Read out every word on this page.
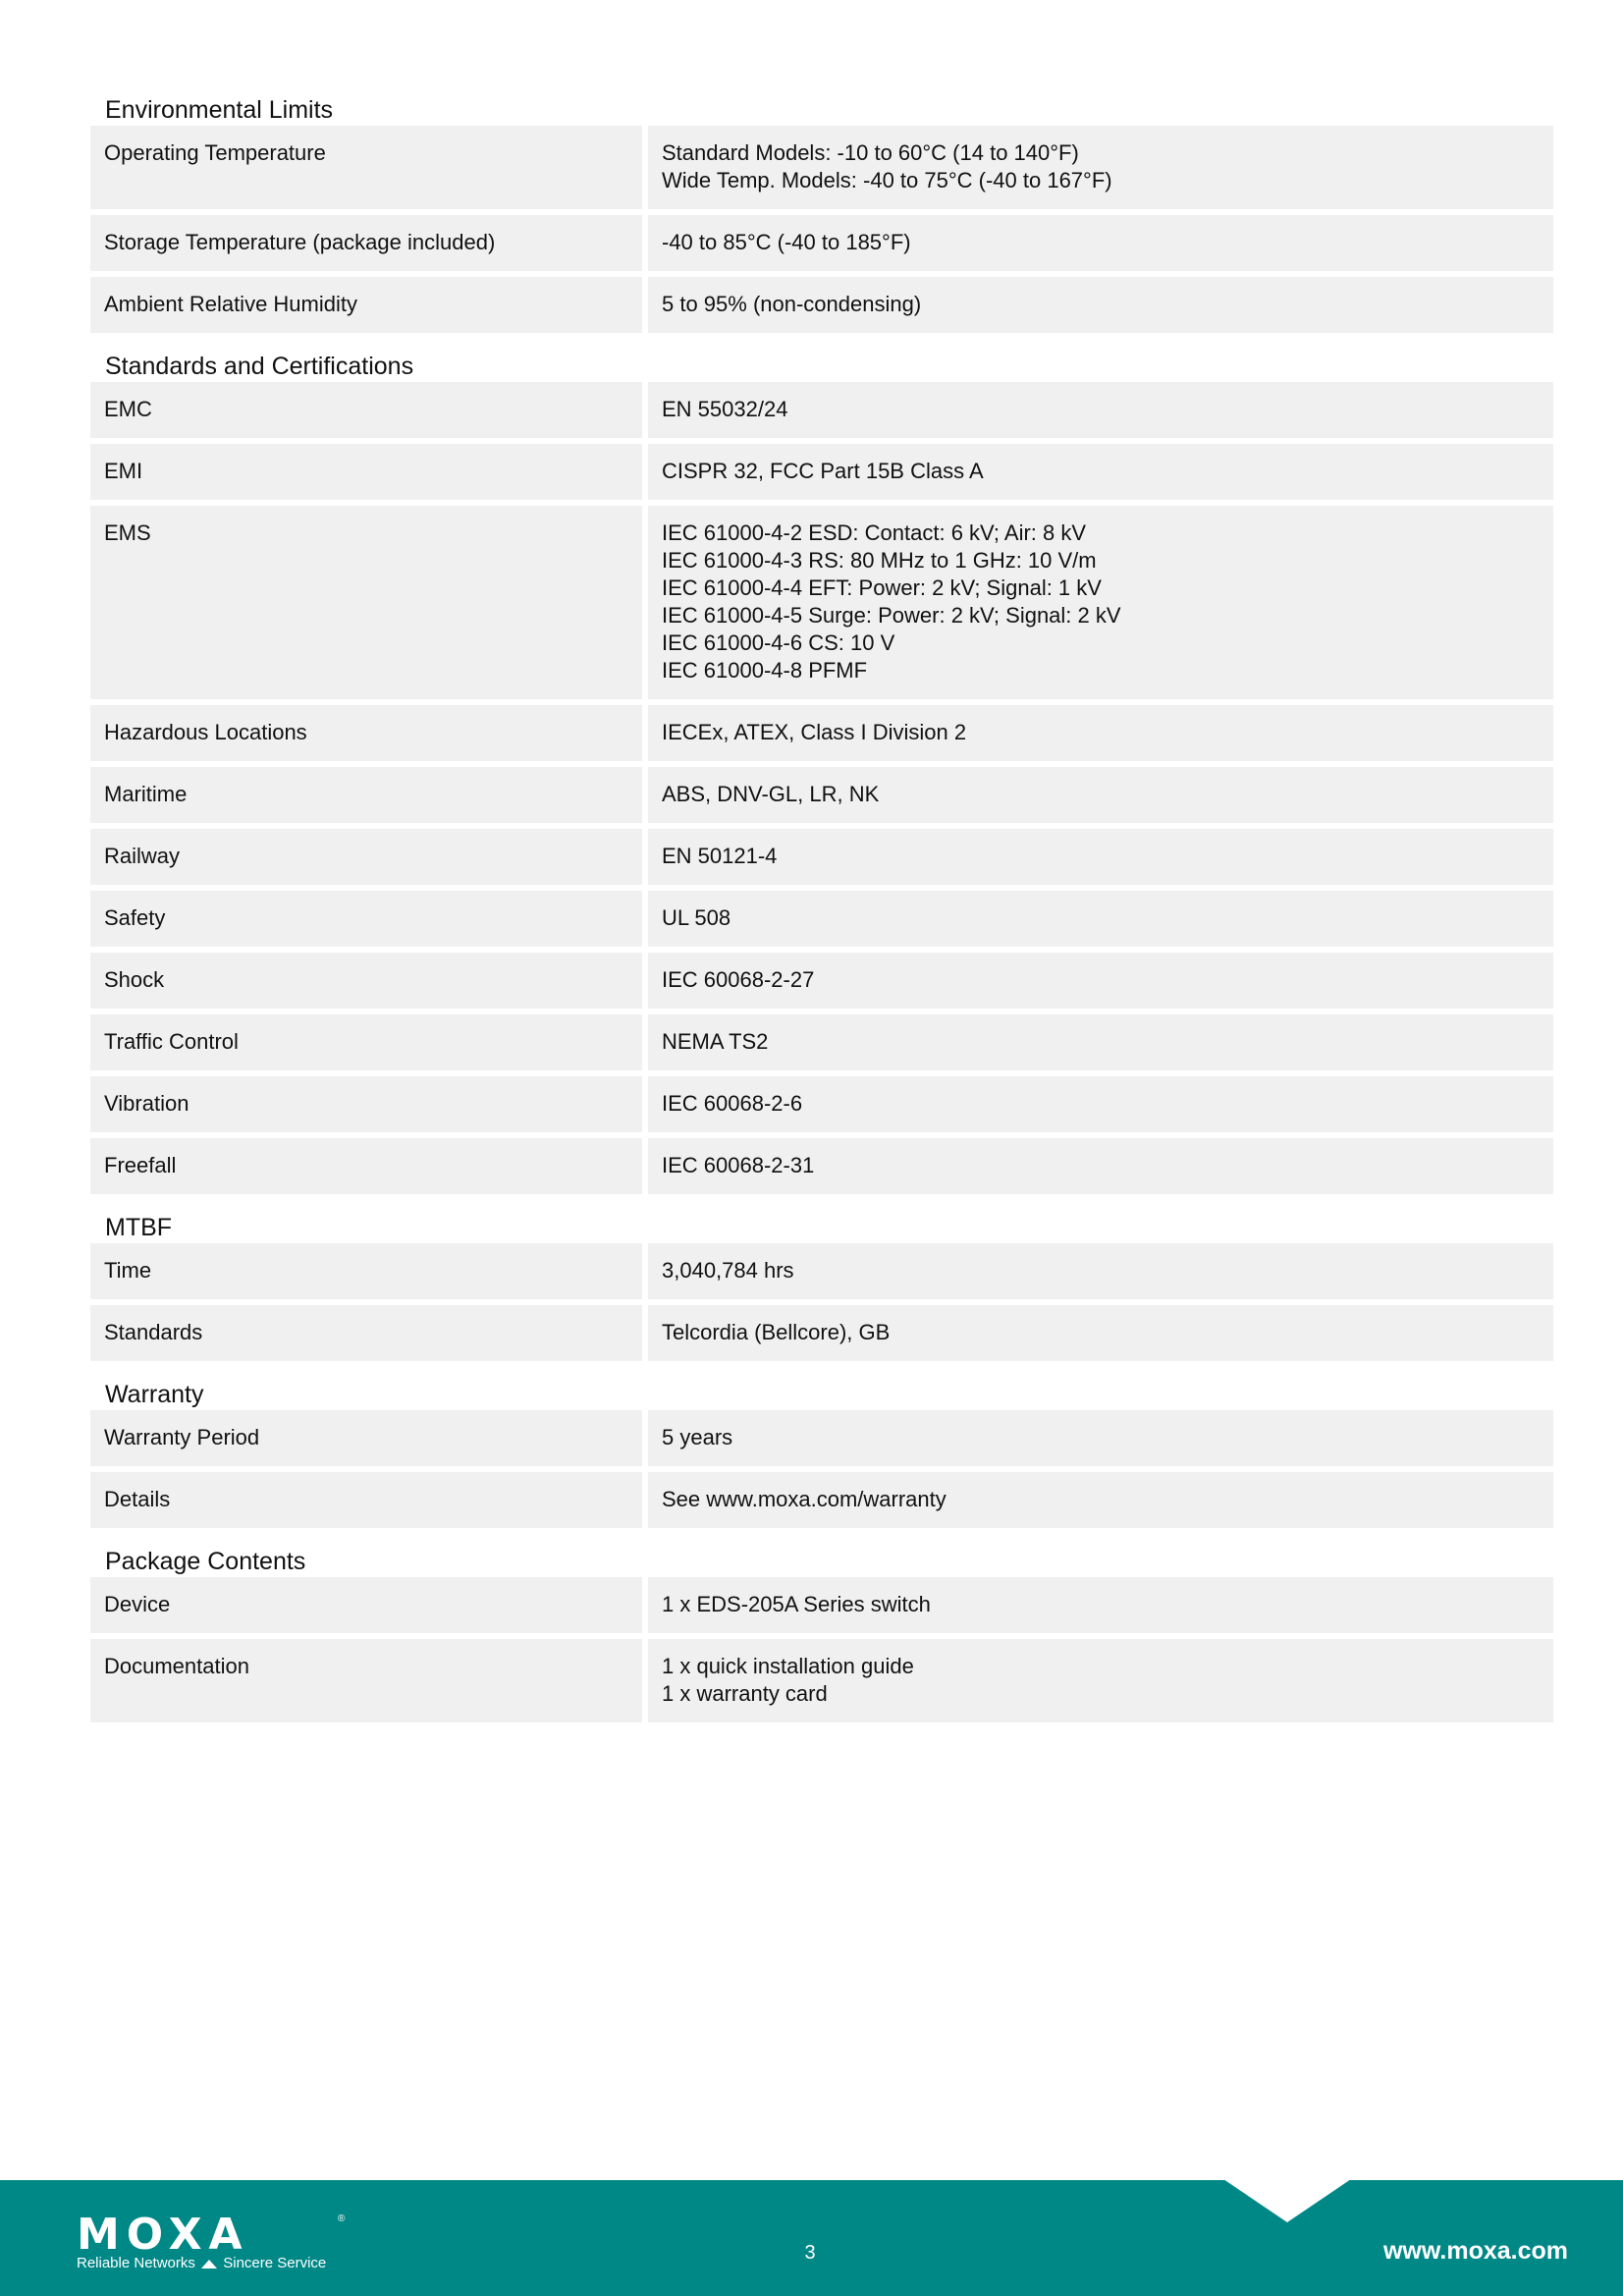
Environmental Limits
Operating Temperature	Standard Models: -10 to 60°C (14 to 140°F)
Wide Temp. Models: -40 to 75°C (-40 to 167°F)
Storage Temperature (package included)	-40 to 85°C (-40 to 185°F)
Ambient Relative Humidity	5 to 95% (non-condensing)
Standards and Certifications
EMC	EN 55032/24
EMI	CISPR 32, FCC Part 15B Class A
EMS	IEC 61000-4-2 ESD: Contact: 6 kV; Air: 8 kV
IEC 61000-4-3 RS: 80 MHz to 1 GHz: 10 V/m
IEC 61000-4-4 EFT: Power: 2 kV; Signal: 1 kV
IEC 61000-4-5 Surge: Power: 2 kV; Signal: 2 kV
IEC 61000-4-6 CS: 10 V
IEC 61000-4-8 PFMF
Hazardous Locations	IECEx, ATEX, Class I Division 2
Maritime	ABS, DNV-GL, LR, NK
Railway	EN 50121-4
Safety	UL 508
Shock	IEC 60068-2-27
Traffic Control	NEMA TS2
Vibration	IEC 60068-2-6
Freefall	IEC 60068-2-31
MTBF
Time	3,040,784 hrs
Standards	Telcordia (Bellcore), GB
Warranty
Warranty Period	5 years
Details	See www.moxa.com/warranty
Package Contents
Device	1 x EDS-205A Series switch
Documentation	1 x quick installation guide
1 x warranty card
MOXA	®
Reliable Networks Sincere Service	3	www.moxa.com
